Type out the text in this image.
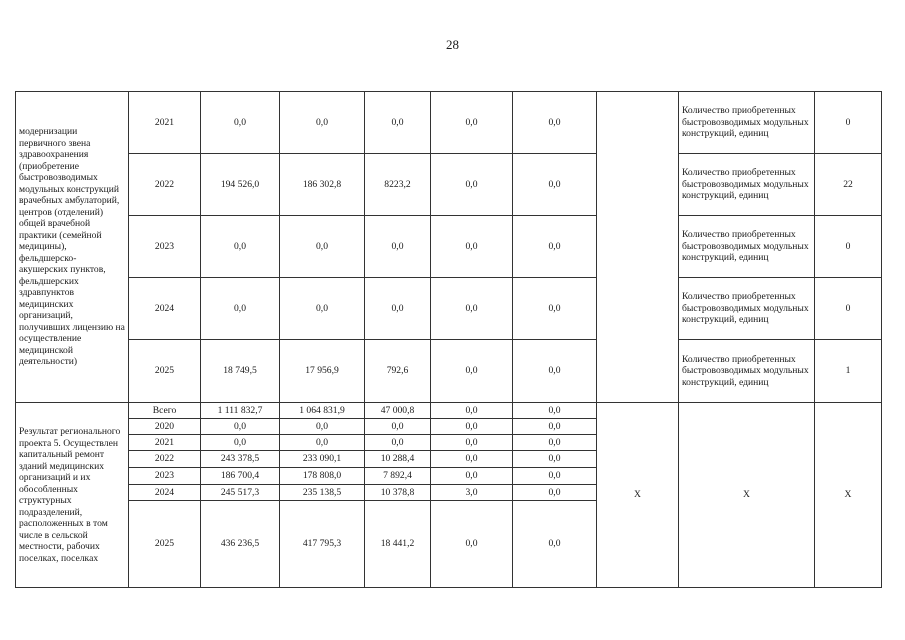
28
модернизации первичного звена здравоохранения (приобретение быстровозводимых модульных конструкций врачебных амбулаторий, центров (отделений) общей врачебной практики (семейной медицины), фельдшерско-акушерских пунктов, фельдшерских здравпунктов медицинских организаций, получивших лицензию на осуществление медицинской деятельности)	2021	0,0	0,0	0,0	0,0	0,0		Количество приобретенных быстровозводимых модульных конструкций, единиц	0
	2022	194 526,0	186 302,8	8223,2	0,0	0,0		Количество приобретенных быстровозводимых модульных конструкций, единиц	22
	2023	0,0	0,0	0,0	0,0	0,0		Количество приобретенных быстровозводимых модульных конструкций, единиц	0
	2024	0,0	0,0	0,0	0,0	0,0		Количество приобретенных быстровозводимых модульных конструкций, единиц	0
	2025	18 749,5	17 956,9	792,6	0,0	0,0		Количество приобретенных быстровозводимых модульных конструкций, единиц	1
Результат регионального проекта 5. Осуществлен капитальный ремонт зданий медицинских организаций и их обособленных структурных подразделений, расположенных в том числе в сельской местности, рабочих поселках, поселках	Всего	1 111 832,7	1 064 831,9	47 000,8	0,0	0,0	X	X	X
	2020	0,0	0,0	0,0	0,0	0,0			
	2021	0,0	0,0	0,0	0,0	0,0			
	2022	243 378,5	233 090,1	10 288,4	0,0	0,0			
	2023	186 700,4	178 808,0	7 892,4	0,0	0,0			
	2024	245 517,3	235 138,5	10 378,8	3,0	0,0			
	2025	436 236,5	417 795,3	18 441,2	0,0	0,0			
